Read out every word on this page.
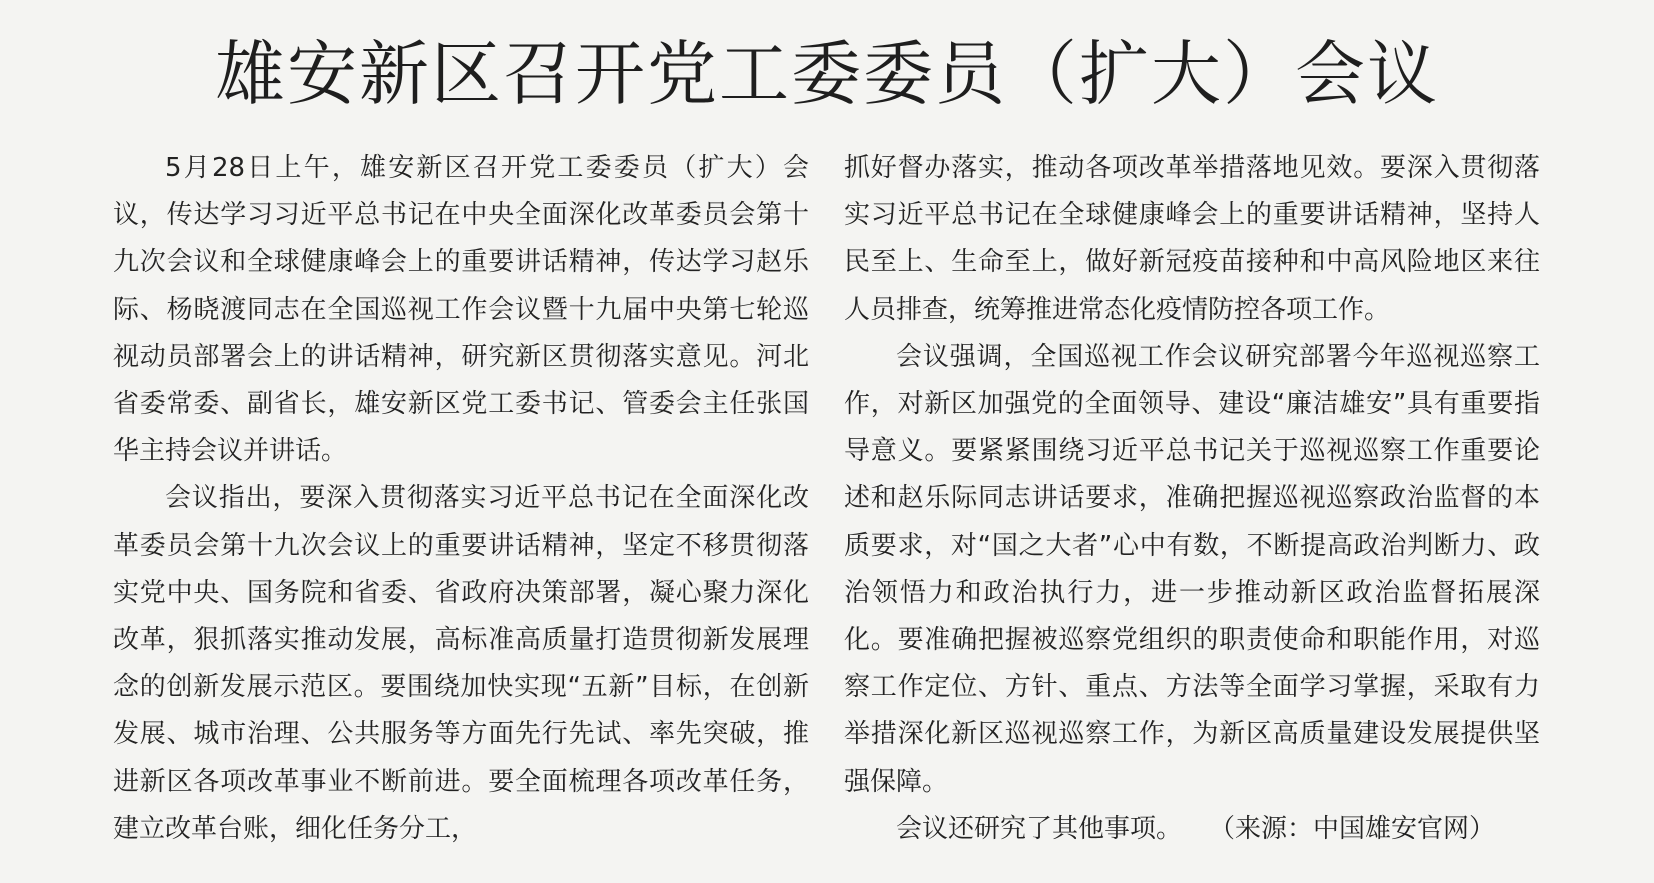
雄安新区召开党工委委员（扩大）会议

5月28日上午，雄安新区召开党工委委员（扩大）会议，传达学习习近平总书记在中央全面深化改革委员会第十九次会议和全球健康峰会上的重要讲话精神，传达学习赵乐际、杨晓渡同志在全国巡视工作会议暨十九届中央第七轮巡视动员部署会上的讲话精神，研究新区贯彻落实意见。河北省委常委、副省长，雄安新区党工委书记、管委会主任张国华主持会议并讲话。

会议指出，要深入贯彻落实习近平总书记在全面深化改革委员会第十九次会议上的重要讲话精神，坚定不移贯彻落实党中央、国务院和省委、省政府决策部署，凝心聚力深化改革，狠抓落实推动发展，高标准高质量打造贯彻新发展理念的创新发展示范区。要围绕加快实现“五新”目标，在创新发展、城市治理、公共服务等方面先行先试、率先突破，推进新区各项改革事业不断前进。要全面梳理各项改革任务，建立改革台账，细化任务分工，

抓好督办落实，推动各项改革举措落地见效。要深入贯彻落实习近平总书记在全球健康峰会上的重要讲话精神，坚持人民至上、生命至上，做好新冠疫苗接种和中高风险地区来往人员排查，统筹推进常态化疫情防控各项工作。

会议强调，全国巡视工作会议研究部署今年巡视巡察工作，对新区加强党的全面领导、建设“廉洁雄安”具有重要指导意义。要紧紧围绕习近平总书记关于巡视巡察工作重要论述和赵乐际同志讲话要求，准确把握巡视巡察政治监督的本质要求，对“国之大者”心中有数，不断提高政治判断力、政治领悟力和政治执行力，进一步推动新区政治监督拓展深化。要准确把握被巡察党组织的职责使命和职能作用，对巡察工作定位、方针、重点、方法等全面学习掌握，采取有力举措深化新区巡视巡察工作，为新区高质量建设发展提供坚强保障。

会议还研究了其他事项。 （来源：中国雄安官网）
